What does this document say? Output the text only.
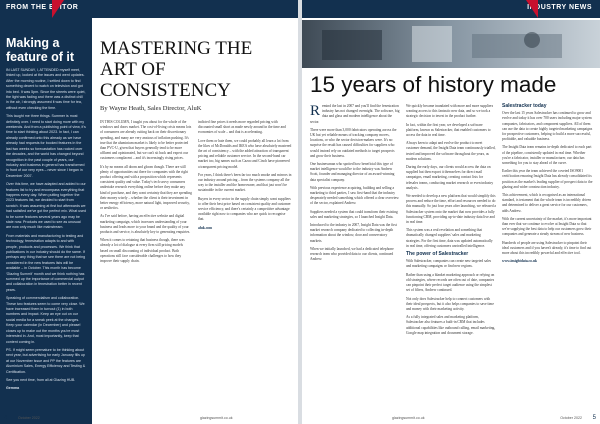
FROM THE EDITOR
Making a feature of it

IN LAST SUNDAY, I, ATTENDED myself meet, linked up, looked at the issues and went updates. After the morning routine, I settled down to find something decent to watch on television and got into bed. It was 5pm. Since the streets were quiet, the light was fading and there was a distinct chill in the air, I strongly assumed it was time for tea, without even checking the time.

This taught me three things. Summer is most definitely over. I need to start doing more with my weekends. And from a publishing point of view, it's time to start thinking about 2023. In fact, I can already confirmed onto this already as we have already had requests for booked features in the last two weeks so forecastation has rocked over the decades, and the world has changed beyond recognition in the past couple of years, our industry and business in general has transformed in front of our very eyes – never since I began in December 2007.

Over this time, we have adapted and added to our features list to try and encompass everything that happens every day. When putting together the 2023 features list, we decided to start from scratch. It was assuming at first but afterwards we had satisfied we've got the perfect mix. What used to be some features several years ago may be stale now. Products we used to see as unusual are now only much like mainstream.

From materials and manufacturing to testing and technology, fenestration adapts to and with people, products and processes. We think that publications in our industry should do the same. If perhaps any thing that we see there are not being considered in the new features lists will be available – in October. This month has become 'Glazing Summit' month and we think nothing has summed up the importance of commercial output and collaboration in fenestration better in recent years.

Speaking of commercialism and collaboration. These two features seem to come very close. We have increased them in turnout (1) in both numbers and impact. Keep an eye out on our social media for a sneak peek at the changes. Keep your calendar (in December) and please! closes up to make out the months you're most interested in. And, most importantly, keep that content coming in.

PS. If might seem premature to be thinking about next year, but advertising for early January fills up at our November issue and PP the features are Aluminium Sales, Energy Efficiency and Testing & Certification.

See you next time, from all at Glazing HUB.

Gemma

MASTERING THE ART OF CONSISTENCY
By Wayne Heath, Sales Director, AluK

IN THIS COLUMN, I taught you about for the whole of the windows and doors market. The cost-of-living crisis means lots of consumers are already cutting back on their discretionary spending, and many are very anxious of inflation pushing. It's true that the aluminium market is likely to be better protected than PVC-U, given that buyers generally tend to be more affluent and opinionated, but we can't sit back and expect our customers complacent – and it's increasingly rising prices.

It's by no means all doom and gloom though. There are still plenty of opportunities out there for companies with the right product offering and with a proposition which represents consistent quality and value. Today's tech savvy consumers undertake research everything online before they make any kind of purchase, and they want certainty that they are spending their money wisely – whether the client is their investment in better energy efficiency, more natural light, improved security, or aesthetics.

As I've said before, having an effective website and digital marketing campaign, which increases understanding of your business and leads more to your brand and the quality of your products and service, is absolutely key to generating enquiries.

When it comes to retaining that business though, there was already a lot of dialogue at every firm still pricing models based on small discounting of individual product. Both operations still face considerable challenges to how they improve their supply chain.

indicted fine prices it needs more regarded pricing with discounted small short as made newly around in the time and economies of scale – and that is accelerating.

Love them or hate them, we could probably all learn a lot from the likes of McDonalds and IKEA who have absolutely mastered the art of consistency – with the added attraction of transparent pricing and reliable customer service. In the second-hand car market too, big names such as Cazoo and Cinch have pioneered a transparent pricing model.

For years, I think there's been far too much smoke and mirrors in our industry around pricing – from the systems company all the way to the installer and the homeowner, and that just won't be sustainable in the current market.

Buyers in every sector in the supply chain simply want suppliers to offer their best price based on consistent quality and customer service efficiency, and there's certainly a competitive advantage available right now to companies who are quick to recognise that.

aluk.com

4	October 2022	glazingsummit.co.uk
INDUSTRY NEWS
15 years of history made

Remind the last in 2007 and you'll find the fenestration industry has not changed overnight. The software, big data and glass and modern intelligence about the sector.

There were more than 3,000 fabricators operating across the UK but yet reliable means of tracking company moves, locations, or who the sector decision-makers were. It's no surprise the result has caused difficulties for suppliers who would instead rely on outdated methods to target prospects and grow their business.

One businessman who spotted how beneficial this type of market intelligence would be to the industry was Andrew Scott, founder and managing director of an award-winning data specialist company.

With previous experience acquiring, building and selling a marketing to third parties, I saw first-hand that the industry desperately needed something which offered a clear overview of the sector, explained Andrew.

Suppliers needed a system that could transform their existing sales and marketing strategies, so I launched Insight Data.

Introduced to the industry in 2007, Insight Data was the first market research company dedicated to collecting in-depth information about the window, door and conservatory markets.

When we initially launched, we had a dedicated telephone research team who provided data to our clients, continued Andrew.

We quickly became inundated with more and more suppliers wanting access to this fantastic new data, and so we took a strategic decision to invest in the product further.

In fact, within the first year, we developed a software platform, known as Salestracker, that enabled customers to access the data in real time.

Always keen to adapt and evolve the product to meet customer demand, the Insight Data team continuously trialled, tested and improved the software throughout the years, as modern solutions.

During the early days, our clients would access the data on supplied but then export it themselves for direct mail campaigns, email marketing, creating contact lists for telesales teams, conducting market research or even industry analysis.

We needed to develop a new platform that would simplify this process and reduce the time, effort and resources needed to do this manually. So just four years after launching, we released a Salestracker system onto the market that now provides a fully functioning CRM, providing up-to-date industry data live and in real time.

This system was a real revelation and something that dramatically changed suppliers' sales and marketing strategies. For the first time, data was updated automatically in real time, offering customers unrivalled intelligence.

The power of Salestracker

With Salestracker, companies can create new targeted sales and marketing campaigns or find new regions.

Rather than using a blanket marketing approach or relying on old strategies, where records are often out of date, companies can pinpoint their perfect target audience using the simplest set of filters, Andrew continued.

Not only does Salestracker help to connect customers with their ideal prospects, but it also helps companies to save time and money with their marketing activity.

As a fully integrated sales and marketing platform, Salestracker also features a built-in CRM that includes additional capabilities like outbound calling, email marketing, Google map integration and document storage.

Salestracker today

Over the last 15 years Salestracker has continued to grow and evolve and today it has over 700 users including major system companies, fabricators, and component suppliers. All of them can use the data to create highly targeted marketing campaigns for prospective customers, helping to build a more successful, profitable, and valuable business.

The Insight Data team remains in-depth dedicated to each part of the pipeline, consistently updated in real time. Whether you're a fabricator, installer or manufacturer, our data has something for you to stay ahead of the curve.

Earlier this year the team achieved the coveted ISO9001 certification ensuring Insight Data has already consolidated its position as the market's leading supplier of prospect data to the glazing and wider construction industry.

This achievement, which is recognised as an international standard, is testament that the whole team is incredibly driven and determined to deliver a great service for our customers, adds Andrew.

With the current uncertainty of the market, it's more important than ever that we continue to evolve at Insight Data so that we're supplying the best data to help our customers grow their companies and generate a steady stream of new business.

Hundreds of people are using Salestracker to pinpoint their ideal customers and if you haven't already, it's time to find out more about this incredibly powerful and effective tool.

www.insightdata.co.uk

glazingsummit.co.uk	October 2022 5
